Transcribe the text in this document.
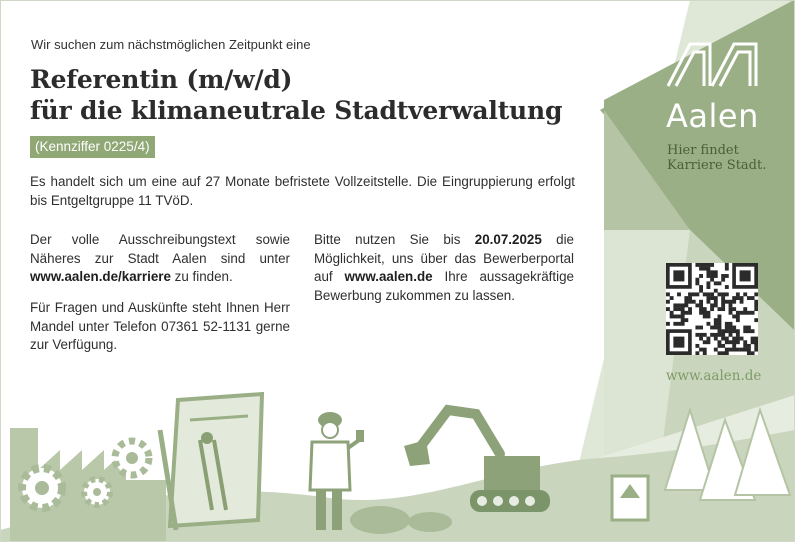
Wir suchen zum nächstmöglichen Zeitpunkt eine

Referentin (m/w/d)
für die klimaneutrale Stadtverwaltung
(Kennziffer 0225/4)

Es handelt sich um eine auf 27 Monate befristete Vollzeitstelle. Die Eingruppierung erfolgt bis Entgeltgruppe 11 TVöD.

Der volle Ausschreibungstext sowie Näheres zur Stadt Aalen sind unter www.aalen.de/karriere zu finden.

Für Fragen und Auskünfte steht Ihnen Herr Mandel unter Telefon 07361 52-1131 gerne zur Verfügung.

Bitte nutzen Sie bis 20.07.2025 die Möglichkeit, uns über das Bewerberportal auf www.aalen.de Ihre aussagekräftige Bewerbung zukommen zu lassen.

Aalen

Hier findet
Karriere Stadt.

www.aalen.de
